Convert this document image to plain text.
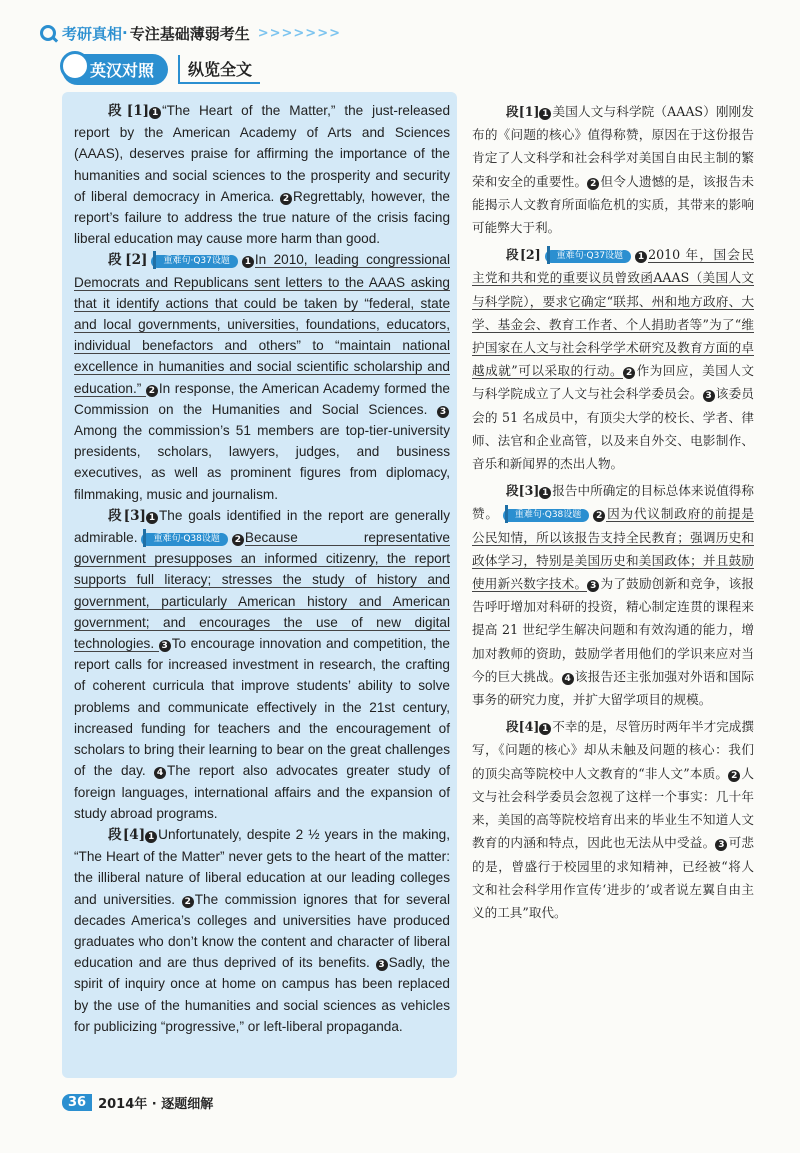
考研真相 · 专注基础薄弱考生 >>>>>>>
英汉对照	纵览全文

段[1] 1 “The Heart of the Matter,” the just-released report by the American Academy of Arts and Sciences (AAAS), deserves praise for affirming the importance of the humanities and social sciences to the prosperity and security of liberal democracy in America. 2 Regrettably, however, the report’s failure to address the true nature of the crisis facing liberal education may cause more harm than good.

段[2] 重难句·Q37设题 1 In 2010, leading congressional Democrats and Republicans sent letters to the AAAS asking that it identify actions that could be taken by “federal, state and local governments, universities, foundations, educators, individual benefactors and others” to “maintain national excellence in humanities and social scientific scholarship and education.” 2 In response, the American Academy formed the Commission on the Humanities and Social Sciences. 3Among the commission’s 51 members are top-tier-university presidents, scholars, lawyers, judges, and business executives, as well as prominent figures from diplomacy, filmmaking, music and journalism.

段[3] 1 The goals identified in the report are generally admirable. 重难句·Q38设题 2 Because representative government presupposes an informed citizenry, the report supports full literacy; stresses the study of history and government, particularly American history and American government; and encourages the use of new digital technologies. 3 To encourage innovation and competition, the report calls for increased investment in research, the crafting of coherent curricula that improve students’ ability to solve problems and communicate effectively in the 21st century, increased funding for teachers and the encouragement of scholars to bring their learning to bear on the great challenges of the day. 4 The report also advocates greater study of foreign languages, international affairs and the expansion of study abroad programs.

段[4] 1 Unfortunately, despite 2 ½ years in the making, “The Heart of the Matter” never gets to the heart of the matter: the illiberal nature of liberal education at our leading colleges and universities. 2 The commission ignores that for several decades America’s colleges and universities have produced graduates who don’t know the content and character of liberal education and are thus deprived of its benefits. 3 Sadly, the spirit of inquiry once at home on campus has been replaced by the use of the humanities and social sciences as vehicles for publicizing “progressive,” or left-liberal propaganda.

段[1] 1 美国人文与科学院（AAAS）刚刚发布的《问题的核心》值得称赞，原因在于这份报告肯定了人文科学和社会科学对美国自由民主制的繁荣和安全的重要性。 2 但令人遗憾的是，该报告未能揭示人文教育所面临危机的实质，其带来的影响可能弊大于利。

段[2] 重难句·Q37设题 1 2010 年，国会民主党和共和党的重要议员曾致函AAAS（美国人文与科学院），要求它确定“联邦、州和地方政府、大学、基金会、教育工作者、个人捐助者等”为了“维护国家在人文与社会科学学术研究及教育方面的卓越成就”可以采取的行动。 2 作为回应，美国人文与科学院成立了人文与社会科学委员会。 3 该委员会的 51 名成员中，有顶尖大学的校长、学者、律师、法官和企业高管，以及来自外交、电影制作、音乐和新闻界的杰出人物。

段[3] 1 报告中所确定的目标总体来说值得称赞。 重难句·Q38设题 2 因为代议制政府的前提是公民知情，所以该报告支持全民教育；强调历史和政体学习，特别是美国历史和美国政体；并且鼓励使用新兴数字技术。 3 为了鼓励创新和竞争，该报告呼吁增加对科研的投资，精心制定连贯的课程来提高 21 世纪学生解决问题和有效沟通的能力，增加对教师的资助，鼓励学者用他们的学识来应对当今的巨大挑战。 4 该报告还主张加强对外语和国际事务的研究力度，并扩大留学项目的规模。

段[4] 1 不幸的是，尽管历时两年半才完成撰写，《问题的核心》却从未触及问题的核心：我们的顶尖高等院校中人文教育的“非人文”本质。 2 人文与社会科学委员会忽视了这样一个事实：几十年来，美国的高等院校培育出来的毕业生不知道人文教育的内涵和特点，因此也无法从中受益。 3 可悲的是，曾盛行于校园里的求知精神，已经被“将人文和社会科学用作宣传‘进步的’或者说左翼自由主义的工具”取代。

36 2014年 · 逐题细解
